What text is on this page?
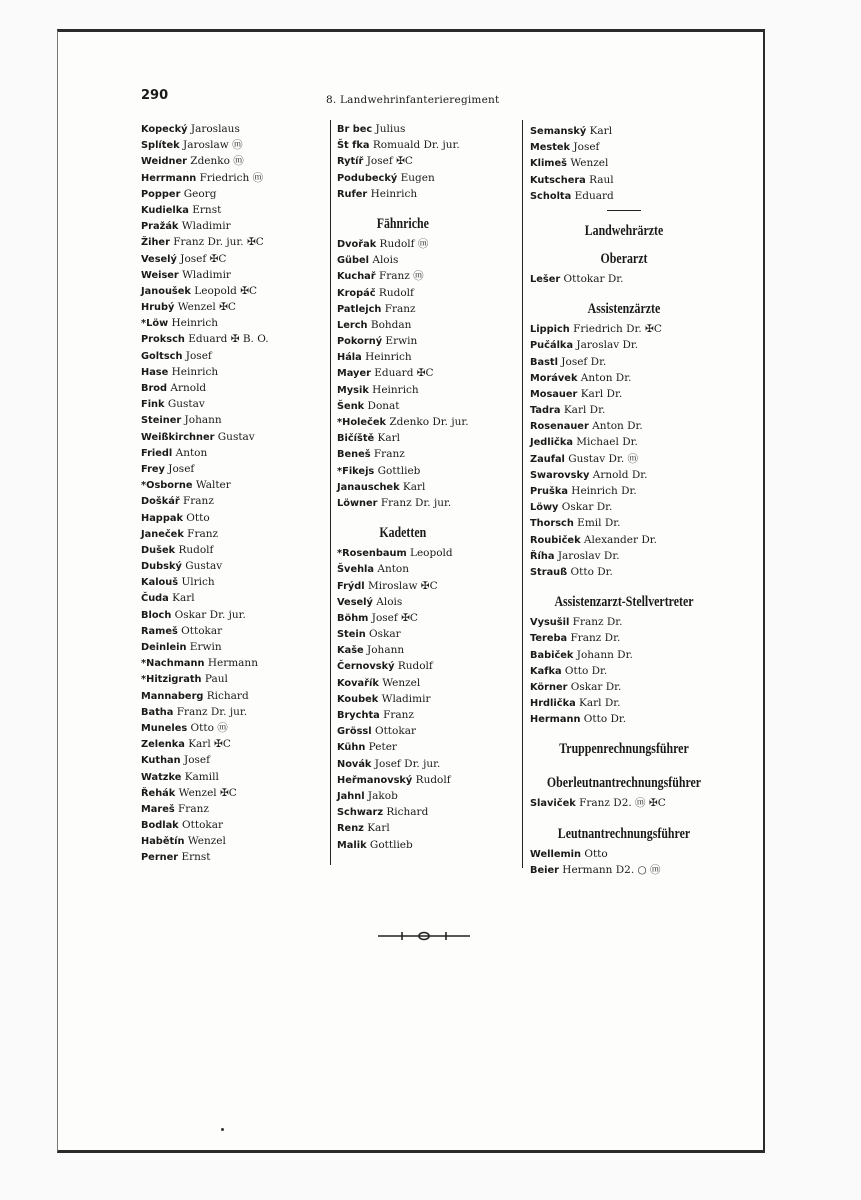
290	8. Landwehrinfanterieregiment
Kopecký Jaroslaus
Splítek Jaroslaw ⓜ
Weidner Zdenko ⓜ
Herrmann Friedrich ⓜ
Popper Georg
Kudielka Ernst
Pražák Wladimir
Žiher Franz Dr. jur. ✠C
Veselý Josef ✠C
Weiser Wladimir
Janoušek Leopold ✠C
Hrubý Wenzel ✠C
*Löw Heinrich
Proksch Eduard ✠ B. O.
Goltsch Josef
Hase Heinrich
Brod Arnold
Fink Gustav
Steiner Johann
Weißkirchner Gustav
Friedl Anton
Frey Josef
*Osborne Walter
Doškář Franz
Happak Otto
Janeček Franz
Dušek Rudolf
Dubský Gustav
Kalouš Ulrich
Čuda Karl
Bloch Oskar Dr. jur.
Rameš Ottokar
Deinlein Erwin
*Nachmann Hermann
*Hitzigrath Paul
Mannaberg Richard
Batha Franz Dr. jur.
Muneles Otto ⓜ
Zelenka Karl ✠C
Kuthan Josef
Watzke Kamill
Řehák Wenzel ✠C
Mareš Franz
Bodlak Ottokar
Habětín Wenzel
Perner Ernst
Br bec Julius
Št fka Romuald Dr. jur.
Rytíř Josef ✠C
Podubecký Eugen
Rufer Heinrich
Fähnriche
Dvořak Rudolf ⓜ
Gübel Alois
Kuchař Franz ⓜ
Kropáč Rudolf
Patlejch Franz
Lerch Bohdan
Pokorný Erwin
Hála Heinrich
Mayer Eduard ✠C
Mysik Heinrich
Šenk Donat
*Holeček Zdenko Dr. jur.
Bičíště Karl
Beneš Franz
*Fikejs Gottlieb
Janauschek Karl
Löwner Franz Dr. jur.
Kadetten
*Rosenbaum Leopold
Švehla Anton
Frýdl Miroslaw ✠C
Veselý Alois
Böhm Josef ✠C
Stein Oskar
Kaše Johann
Černovský Rudolf
Kovařík Wenzel
Koubek Wladimir
Brychta Franz
Grössl Ottokar
Kühn Peter
Novák Josef Dr. jur.
Heřmanovský Rudolf
Jahnl Jakob
Schwarz Richard
Renz Karl
Malik Gottlieb
Semanský Karl
Mestek Josef
Klimeš Wenzel
Kutschera Raul
Scholta Eduard
Landwehrärzte
Oberarzt
Lešer Ottokar Dr.
Assistenzärzte
Lippich Friedrich Dr. ✠C
Pučálka Jaroslav Dr.
Bastl Josef Dr.
Morávek Anton Dr.
Mosauer Karl Dr.
Tadra Karl Dr.
Rosenauer Anton Dr.
Jedlička Michael Dr.
Zaufal Gustav Dr. ⓜ
Swarovsky Arnold Dr.
Pruška Heinrich Dr.
Löwy Oskar Dr.
Thorsch Emil Dr.
Roubiček Alexander Dr.
Říha Jaroslav Dr.
Strauß Otto Dr.
Assistenzarzt-Stellvertreter
Vysušil Franz Dr.
Tereba Franz Dr.
Babiček Johann Dr.
Kafka Otto Dr.
Körner Oskar Dr.
Hrdlička Karl Dr.
Hermann Otto Dr.
Truppenrechnungsführer
Oberleutnantrechnungsführer
Slaviček Franz D2. ⓜ ✠C
Leutnantrechnungsführer
Wellemin Otto
Beier Hermann D2. ○ ⓜ
